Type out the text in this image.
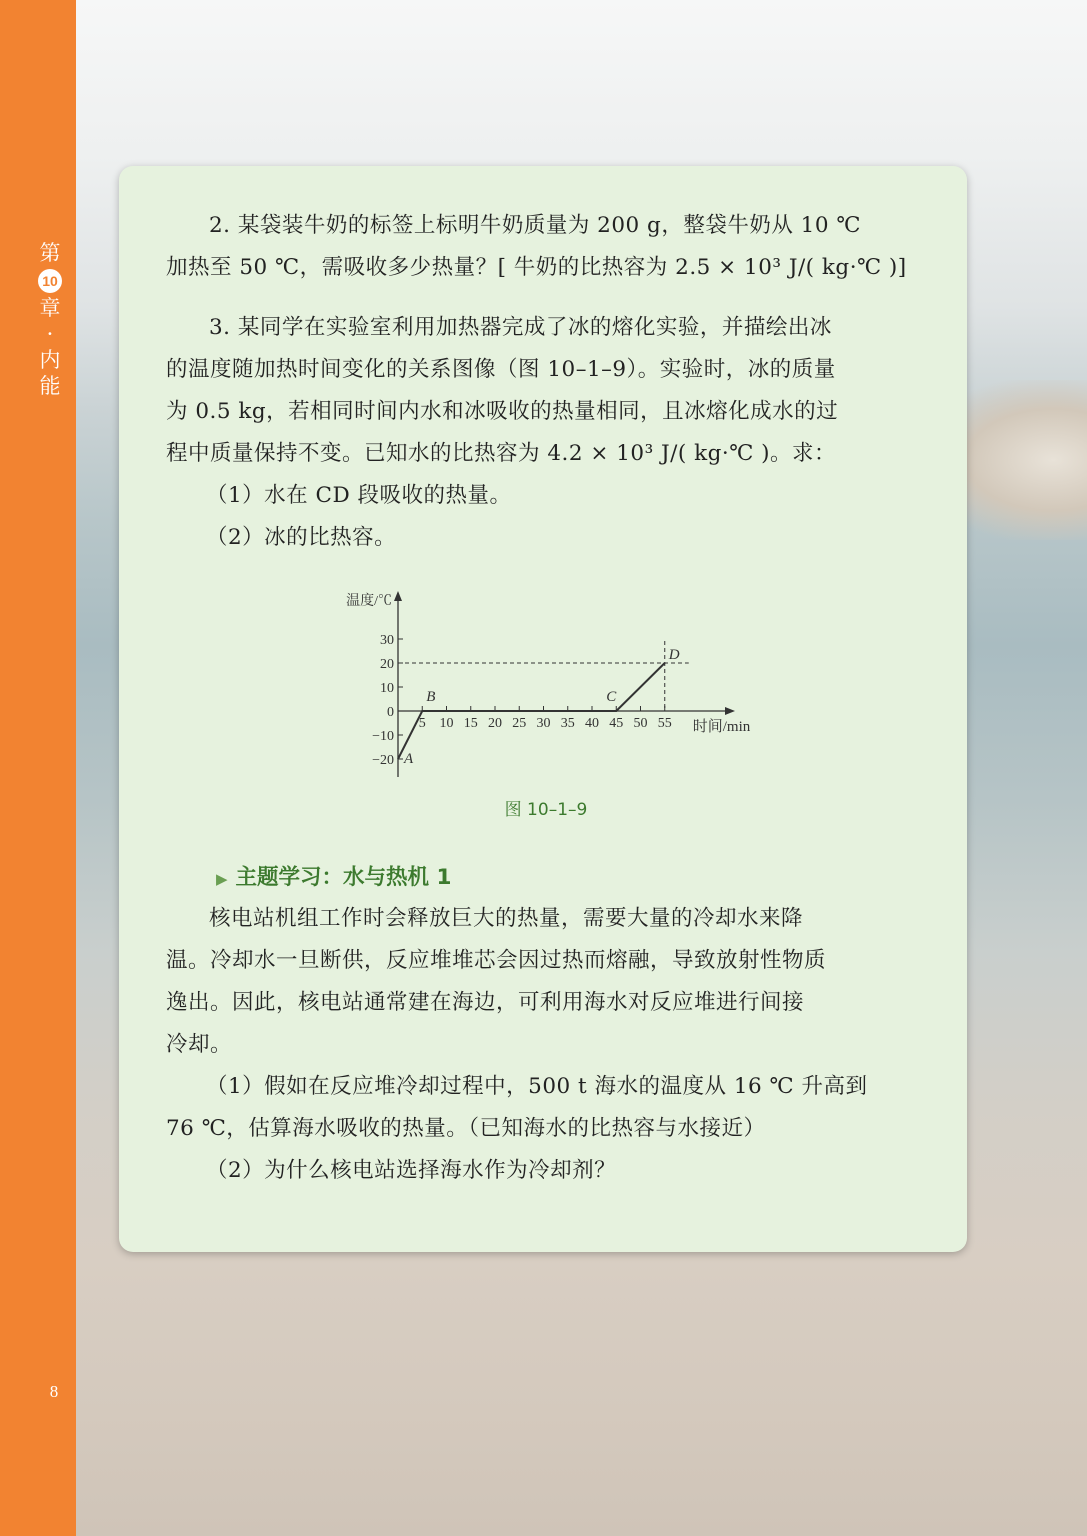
第
10
章
·
内
能
8

2. 某袋装牛奶的标签上标明牛奶质量为 200 g，整袋牛奶从 10 ℃

加热至 50 ℃，需吸收多少热量？[ 牛奶的比热容为 2.5 × 10³ J/( kg·℃ )]

3. 某同学在实验室利用加热器完成了冰的熔化实验，并描绘出冰

的温度随加热时间变化的关系图像（图 10–1–9）。实验时，冰的质量

为 0.5 kg，若相同时间内水和冰吸收的热量相同，且冰熔化成水的过

程中质量保持不变。已知水的比热容为 4.2 × 10³ J/( kg·℃ )。求：

（1）水在 CD 段吸收的热量。

（2）冰的比热容。

温度/℃
时间/min
30
20
10
0
−10
−20
5 10 15 20 25 30 35 40 45 50 55
A
B	C
D
图 10–1–9
▶ 主题学习：水与热机 1

核电站机组工作时会释放巨大的热量，需要大量的冷却水来降

温。冷却水一旦断供，反应堆堆芯会因过热而熔融，导致放射性物质

逸出。因此，核电站通常建在海边，可利用海水对反应堆进行间接

冷却。

（1）假如在反应堆冷却过程中，500 t 海水的温度从 16 ℃ 升高到

76 ℃，估算海水吸收的热量。（已知海水的比热容与水接近）

（2）为什么核电站选择海水作为冷却剂？
